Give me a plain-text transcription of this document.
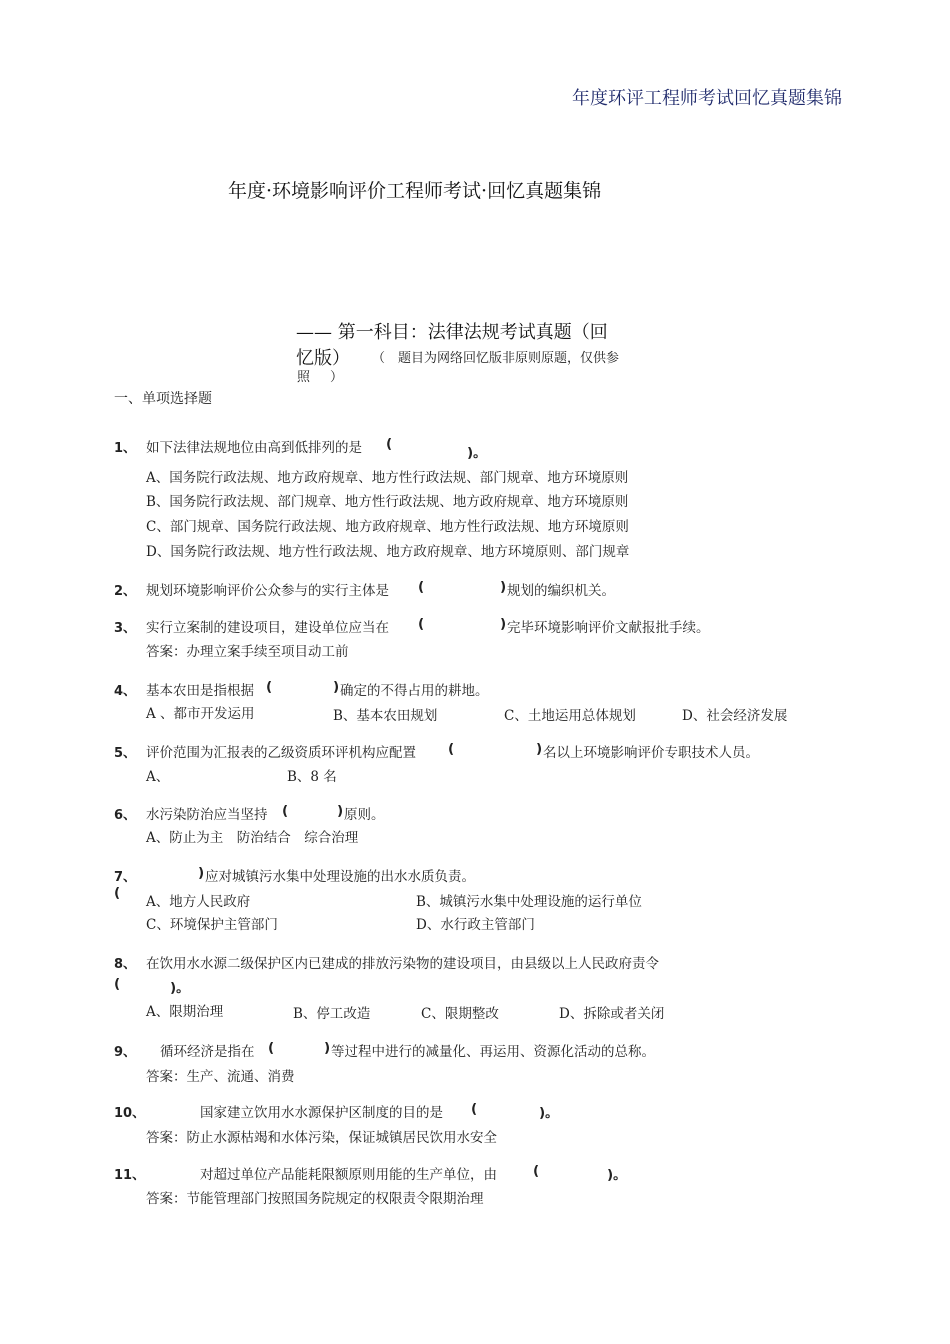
年度环评工程师考试回忆真题集锦
年度·环境影响评价工程师考试·回忆真题集锦
—— 第一科目：法律法规考试真题（回
忆版） （ 题目为网络回忆版非原则原题，仅供参
照 ）
一、单项选择题
1、 如下法律法规地位由高到低排列的是 (
)。
A、国务院行政法规、地方政府规章、地方性行政法规、部门规章、地方环境原则
B、国务院行政法规、部门规章、地方性行政法规、地方政府规章、地方环境原则
C、部门规章、国务院行政法规、地方政府规章、地方性行政法规、地方环境原则
D、国务院行政法规、地方性行政法规、地方政府规章、地方环境原则、部门规章
2、 规划环境影响评价公众参与的实行主体是 (	) 规划的编织机关。
3、 实行立案制的建设项目，建设单位应当在 (	) 完毕环境影响评价文献报批手续。
答案：办理立案手续至项目动工前
4、 基本农田是指根据 (	) 确定的不得占用的耕地。
A 、都市开发运用	B、基本农田规划	C、土地运用总体规划	D、社会经济发展
5、 评价范围为汇报表的乙级资质环评机构应配置 (	) 名以上环境影响评价专职技术人员。
A、	B、8 名
6、 水污染防治应当坚持 (	) 原则。
A、防止为主　防治结合　综合治理
7、
(
) 应对城镇污水集中处理设施的出水水质负责。
A、地方人民政府	B、城镇污水集中处理设施的运行单位
C、环境保护主管部门	D、水行政主管部门
8、 在饮用水水源二级保护区内已建成的排放污染物的建设项目，由县级以上人民政府责令
(	)。
A、限期治理	B、停工改造	C、限期整改	D、拆除或者关闭
9、 循环经济是指在 (	) 等过程中进行的减量化、再运用、资源化活动的总称。
答案：生产、流通、消费
10、	国家建立饮用水水源保护区制度的目的是 (	)。
答案：防止水源枯竭和水体污染，保证城镇居民饮用水安全
11、	对超过单位产品能耗限额原则用能的生产单位，由	(	)。
答案：节能管理部门按照国务院规定的权限责令限期治理
